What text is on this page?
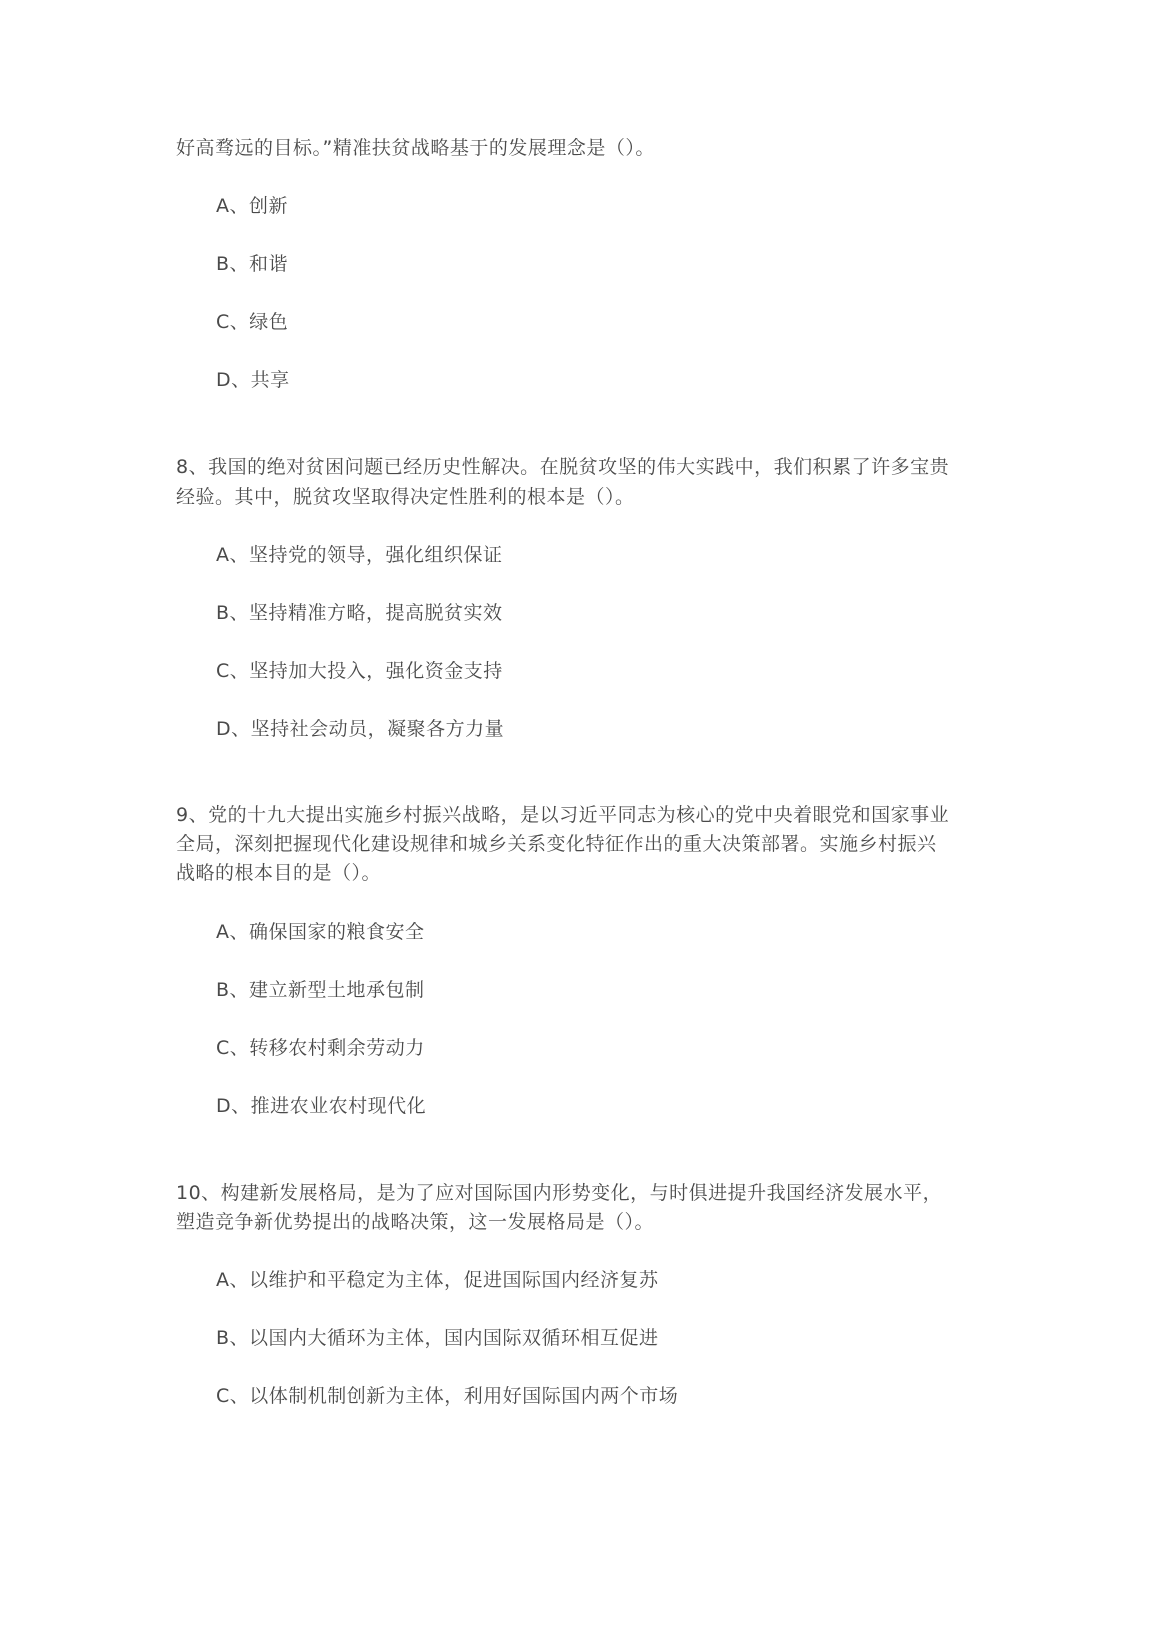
好高骛远的目标。”精准扶贫战略基于的发展理念是（）。
A、创新
B、和谐
C、绿色
D、共享
8、我国的绝对贫困问题已经历史性解决。在脱贫攻坚的伟大实践中，我们积累了许多宝贵
经验。其中，脱贫攻坚取得决定性胜利的根本是（）。
A、坚持党的领导，强化组织保证
B、坚持精准方略，提高脱贫实效
C、坚持加大投入，强化资金支持
D、坚持社会动员，凝聚各方力量
9、党的十九大提出实施乡村振兴战略，是以习近平同志为核心的党中央着眼党和国家事业
全局，深刻把握现代化建设规律和城乡关系变化特征作出的重大决策部署。实施乡村振兴
战略的根本目的是（）。
A、确保国家的粮食安全
B、建立新型土地承包制
C、转移农村剩余劳动力
D、推进农业农村现代化
10、构建新发展格局，是为了应对国际国内形势变化，与时俱进提升我国经济发展水平，
塑造竞争新优势提出的战略决策，这一发展格局是（）。
A、以维护和平稳定为主体，促进国际国内经济复苏
B、以国内大循环为主体，国内国际双循环相互促进
C、以体制机制创新为主体，利用好国际国内两个市场
